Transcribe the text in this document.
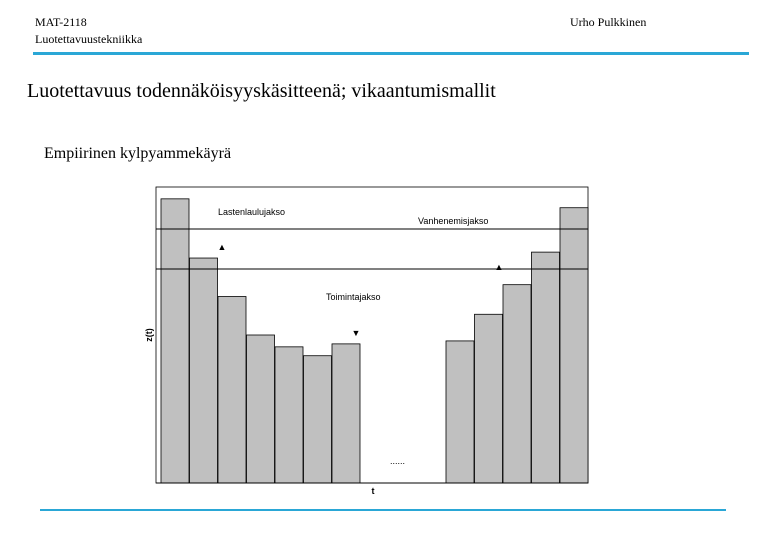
MAT-2118
Luotettavuustekniikka
Urho Pulkkinen
Luotettavuus todennäköisyyskäsitteenä; vikaantumismallit
Empiirinen kylpyammekäyrä
Lastenlaulujakso
▲
Vanhenemisjakso
▲
Toimintajakso
▼
......
z(t)
t
